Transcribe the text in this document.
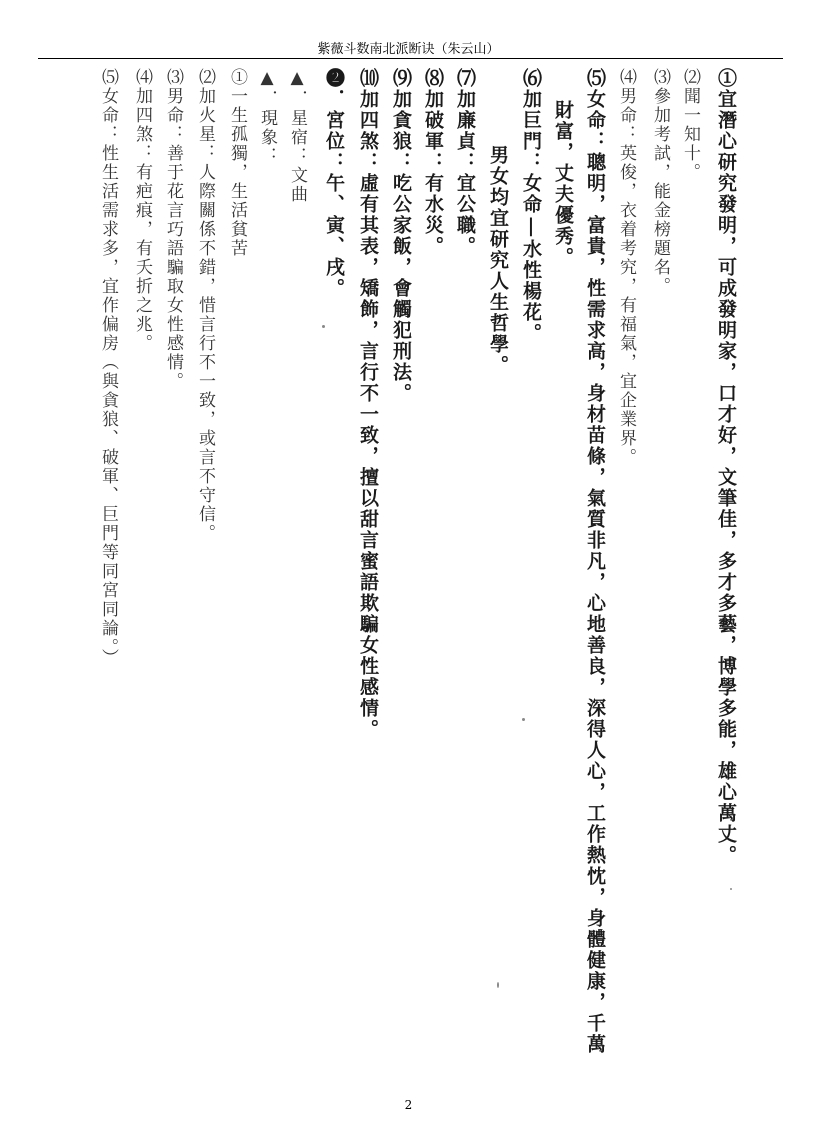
紫薇斗数南北派断诀（朱云山）
①宜潛心研究發明，可成發明家，口才好，文筆佳，多才多藝，博學多能，雄心萬丈。
⑵聞一知十。
⑶參加考試，能金榜題名。
⑷男命：英俊，衣着考究，有福氣，宜企業界。
⑸女命：聰明，富貴，性需求高，身材苗條，氣質非凡，心地善良，深得人心，工作熱忱，身體健康，千萬
財富，丈夫優秀。
⑹加巨門：女命|水性楊花。
男女均宜研究人生哲學。
⑺加廉貞：宜公職。
⑻加破軍：有水災。
⑼加貪狼：吃公家飯，會觸犯刑法。
⑽加四煞：虛有其表，矯飾，言行不一致，擅以甜言蜜語欺騙女性感情。
❷．宮位：午、寅、戌。
▲．星宿：文曲
▲．現象：
①一生孤獨，生活貧苦
⑵加火星：人際關係不錯，惜言行不一致，或言不守信。
⑶男命：善于花言巧語騙取女性感情。
⑷加四煞：有疤痕，有夭折之兆。
⑸女命：性生活需求多，宜作偏房（與貪狼、破軍、巨門等同宮同論。）
2
